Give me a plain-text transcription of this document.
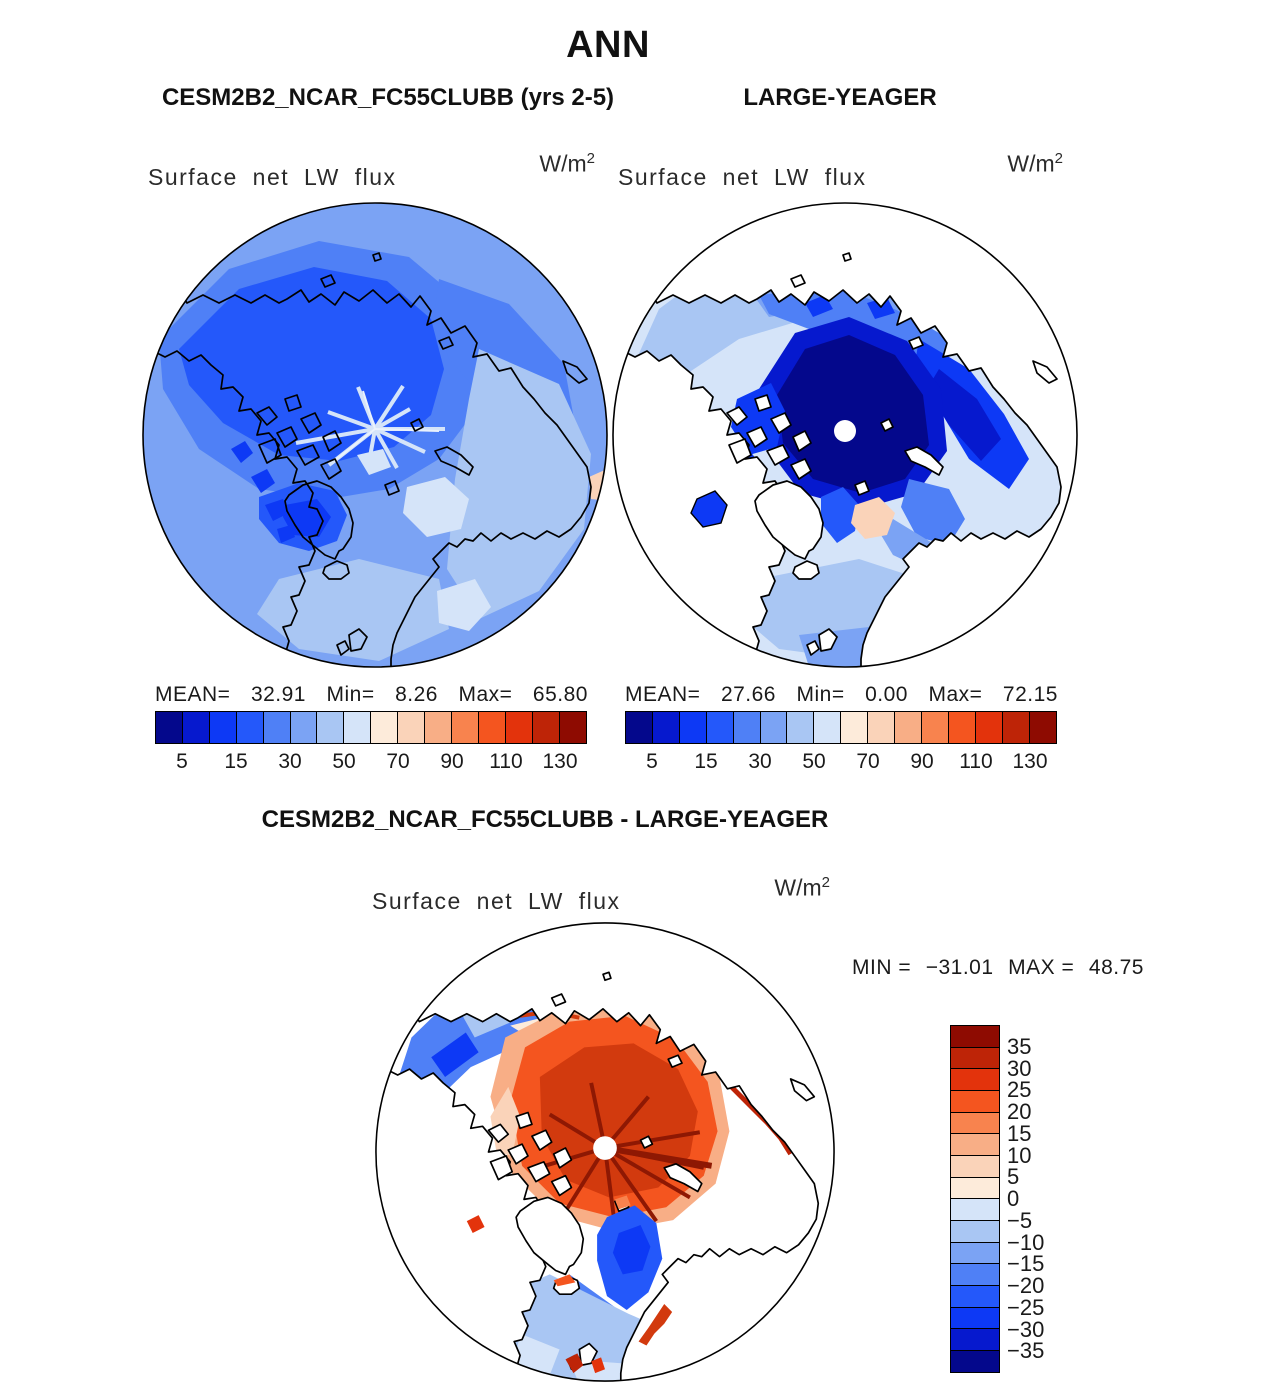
ANN
CESM2B2_NCAR_FC55CLUBB (yrs 2-5)	LARGE-YEAGER
Surface net LW flux
$W/m^2$
Surface net LW flux
$W/m^2$
MEAN= 32.91 Min= 8.26 Max= 65.80
5 15 30 50 70 90 110 130
MEAN= 27.66 Min= 0.00 Max= 72.15
5 15 30 50 70 90 110 130
CESM2B2_NCAR_FC55CLUBB - LARGE-YEAGER
Surface net LW flux
$W/m^2$
MIN = −31.01 MAX = 48.75
35
30
25
20
15
10
5
0
−5
−10
−15
−20
−25
−30
−35
